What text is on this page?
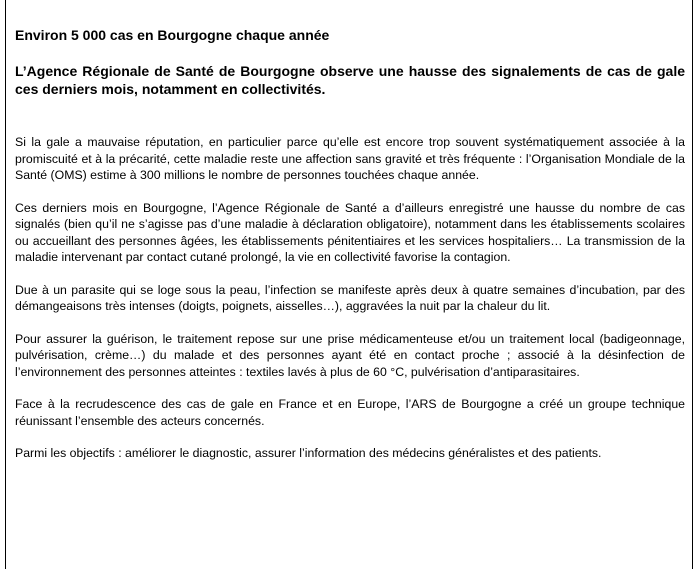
Environ 5 000 cas en Bourgogne chaque année
L’Agence Régionale de Santé de Bourgogne observe une hausse des signalements de cas de gale ces derniers mois, notamment en collectivités.

Si la gale a mauvaise réputation, en particulier parce qu’elle est encore trop souvent systématiquement associée à la promiscuité et à la précarité, cette maladie reste une affection sans gravité et très fréquente : l’Organisation Mondiale de la Santé (OMS) estime à 300 millions le nombre de personnes touchées chaque année.

Ces derniers mois en Bourgogne, l’Agence Régionale de Santé a d’ailleurs enregistré une hausse du nombre de cas signalés (bien qu’il ne s’agisse pas d’une maladie à déclaration obligatoire), notamment dans les établissements scolaires ou accueillant des personnes âgées, les établissements pénitentiaires et les services hospitaliers… La transmission de la maladie intervenant par contact cutané prolongé, la vie en collectivité favorise la contagion.

Due à un parasite qui se loge sous la peau, l’infection se manifeste après deux à quatre semaines d’incubation, par des démangeaisons très intenses (doigts, poignets, aisselles…), aggravées la nuit par la chaleur du lit.

Pour assurer la guérison, le traitement repose sur une prise médicamenteuse et/ou un traitement local (badigeonnage, pulvérisation, crème…) du malade et des personnes ayant été en contact proche ; associé à la désinfection de l’environnement des personnes atteintes : textiles lavés à plus de 60 °C, pulvérisation d’antiparasitaires.

Face à la recrudescence des cas de gale en France et en Europe, l’ARS de Bourgogne a créé un groupe technique réunissant l’ensemble des acteurs concernés.

Parmi les objectifs : améliorer le diagnostic, assurer l’information des médecins généralistes et des patients.
